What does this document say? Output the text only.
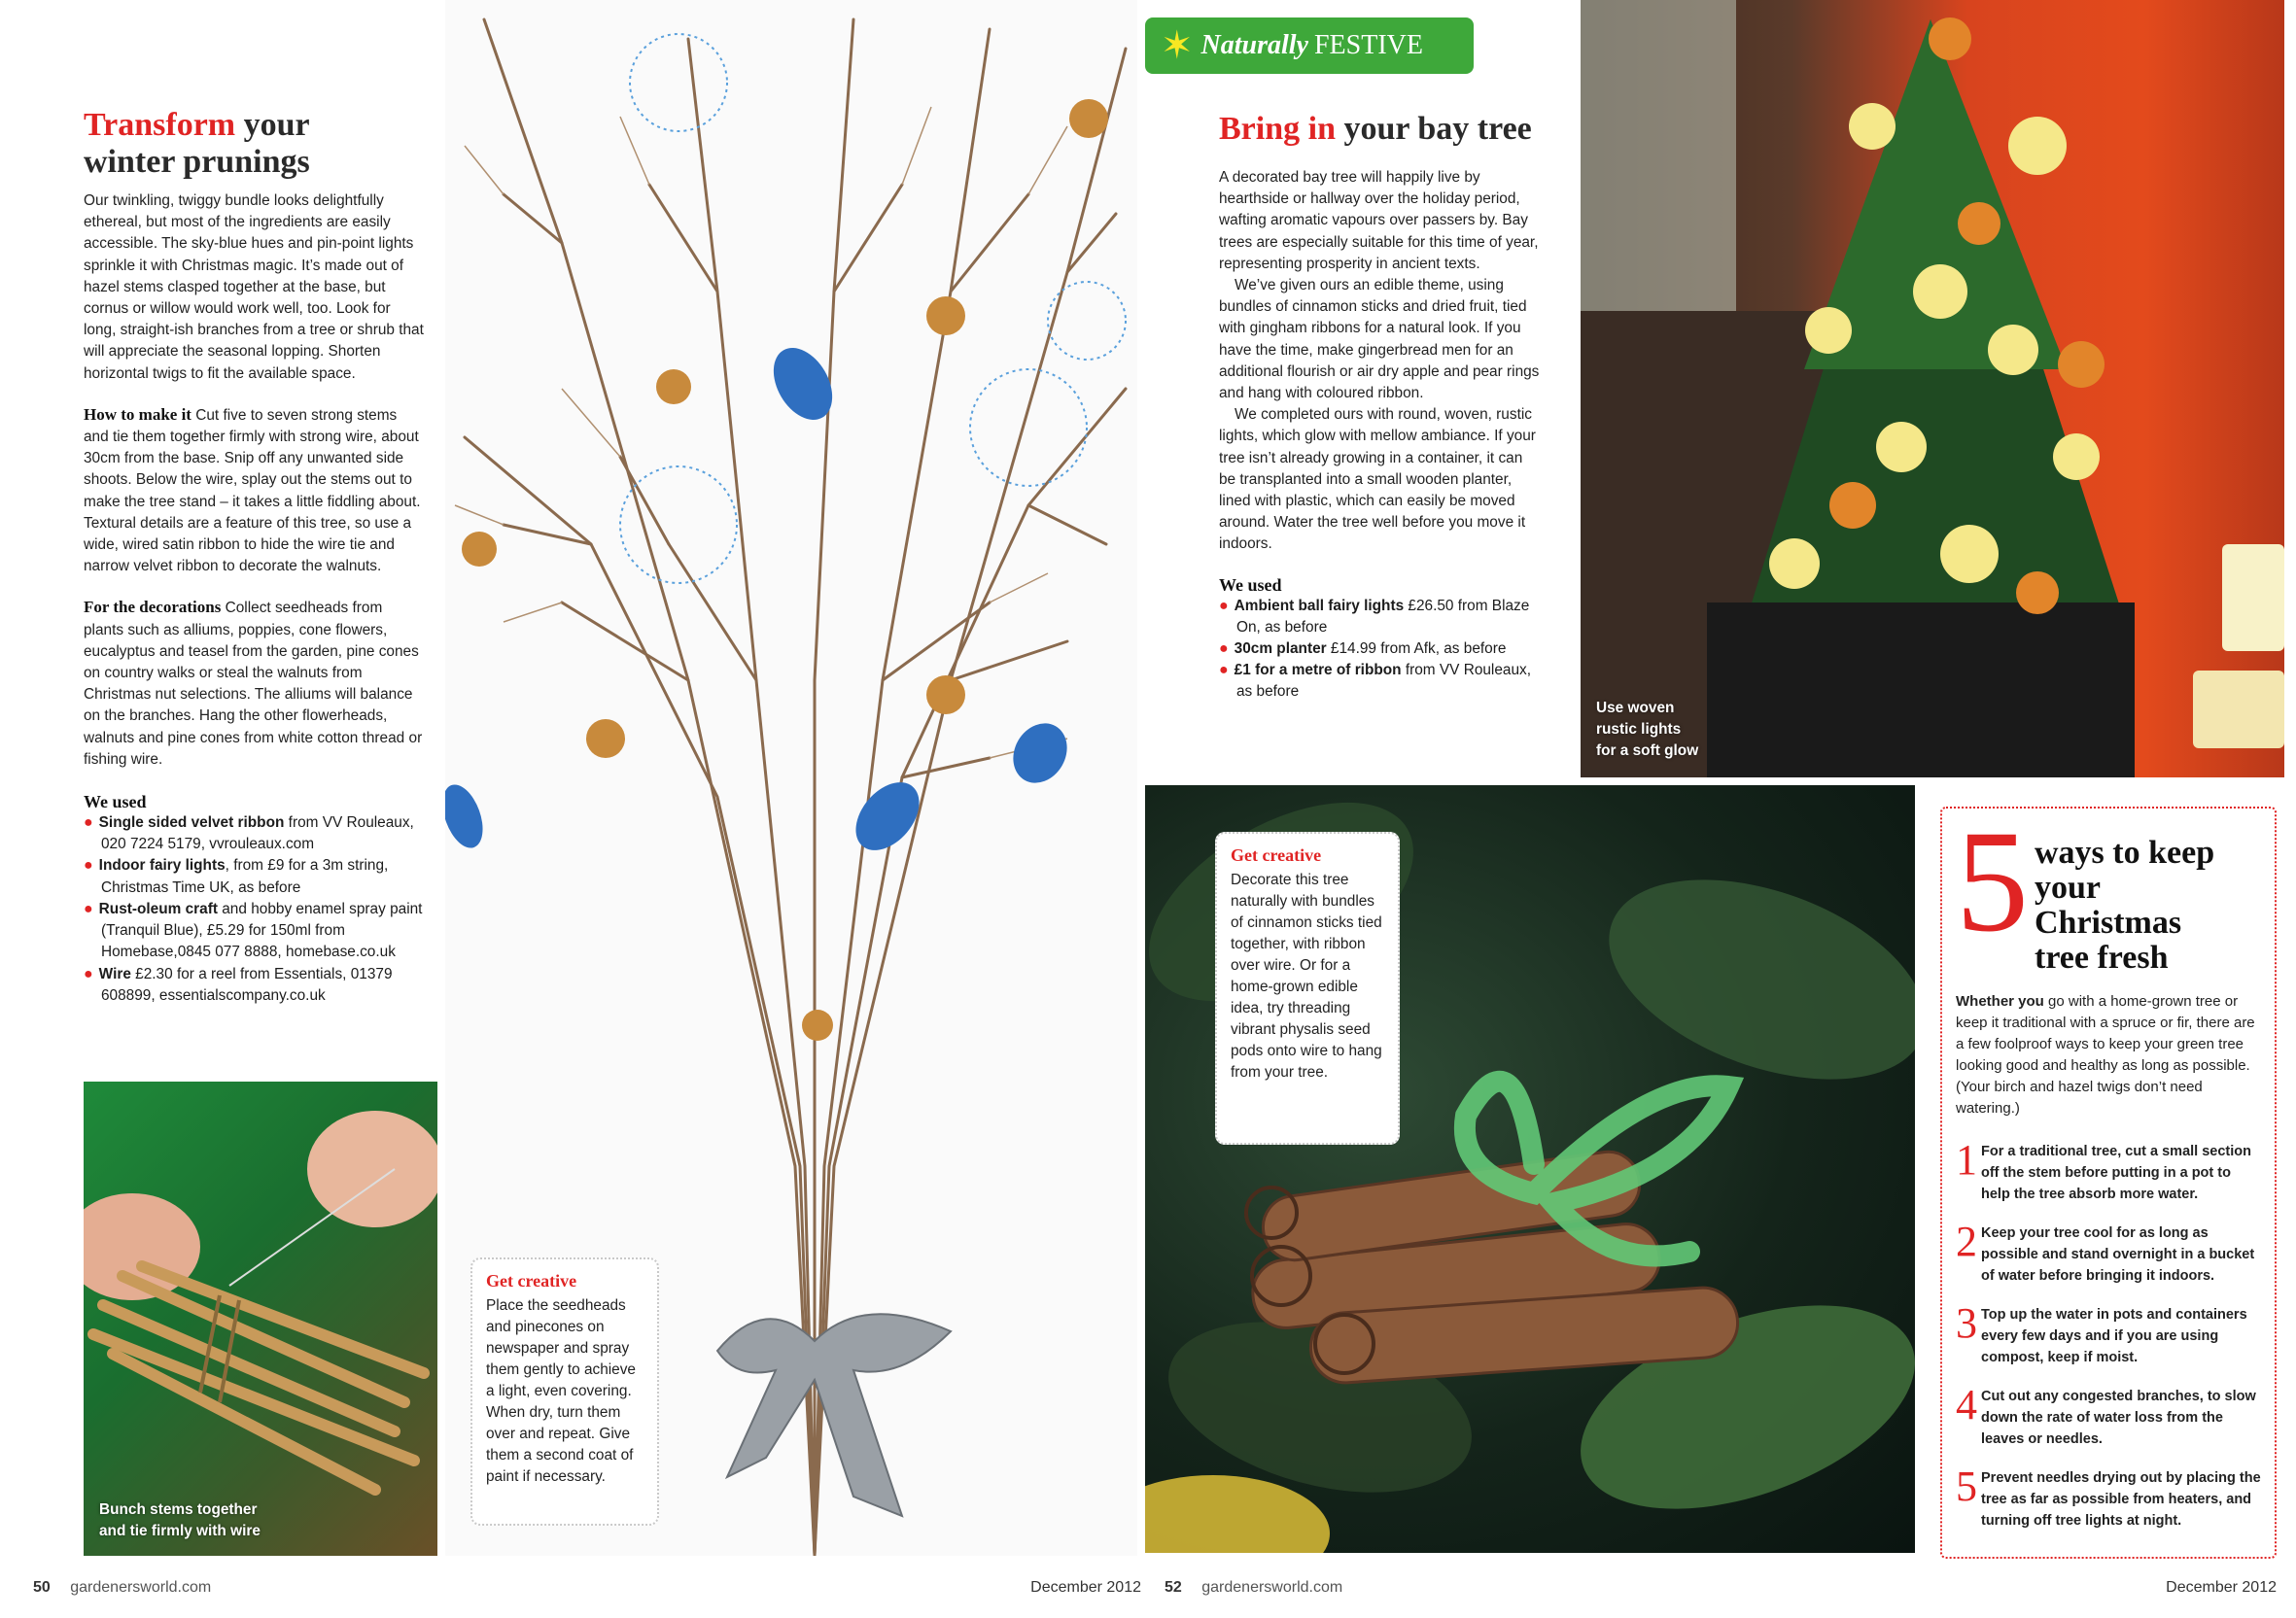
Transform your
winter prunings

Our twinkling, twiggy bundle looks delightfully ethereal, but most of the ingredients are easily accessible. The sky-blue hues and pin-point lights sprinkle it with Christmas magic. It’s made out of hazel stems clasped together at the base, but cornus or willow would work well, too. Look for long, straight-ish branches from a tree or shrub that will appreciate the seasonal lopping. Shorten horizontal twigs to fit the available space.

How to make it Cut five to seven strong stems and tie them together firmly with strong wire, about 30cm from the base. Snip off any unwanted side shoots. Below the wire, splay out the stems out to make the tree stand – it takes a little fiddling about. Textural details are a feature of this tree, so use a wide, wired satin ribbon to hide the wire tie and narrow velvet ribbon to decorate the walnuts.

For the decorations Collect seedheads from plants such as alliums, poppies, cone flowers, eucalyptus and teasel from the garden, pine cones on country walks or steal the walnuts from Christmas nut selections. The alliums will balance on the branches. Hang the other flowerheads, walnuts and pine cones from white cotton thread or fishing wire.

We used
● Single sided velvet ribbon from VV Rouleaux, 020 7224 5179, vvrouleaux.com
● Indoor fairy lights, from £9 for a 3m string, Christmas Time UK, as before
● Rust-oleum craft and hobby enamel spray paint (Tranquil Blue), £5.29 for 150ml from Homebase,0845 077 8888, homebase.co.uk
● Wire £2.30 for a reel from Essentials, 01379 608899, essentialscompany.co.uk
Bunch stems together
and tie firmly with wire
Get creative
Place the seedheads and pinecones on newspaper and spray them gently to achieve a light, even covering. When dry, turn them over and repeat. Give them a second coat of paint if necessary.
✶ Naturally FESTIVE
Bring in your bay tree

A decorated bay tree will happily live by hearthside or hallway over the holiday period, wafting aromatic vapours over passers by. Bay trees are especially suitable for this time of year, representing prosperity in ancient texts.

We’ve given ours an edible theme, using bundles of cinnamon sticks and dried fruit, tied with gingham ribbons for a natural look. If you have the time, make gingerbread men for an additional flourish or air dry apple and pear rings and hang with coloured ribbon.

We completed ours with round, woven, rustic lights, which glow with mellow ambiance. If your tree isn’t already growing in a container, it can be transplanted into a small wooden planter, lined with plastic, which can easily be moved around. Water the tree well before you move it indoors.

We used
● Ambient ball fairy lights £26.50 from Blaze On, as before
● 30cm planter £14.99 from Afk, as before
● £1 for a metre of ribbon from VV Rouleaux, as before
Use woven
rustic lights
for a soft glow
Get creative
Decorate this tree naturally with bundles of cinnamon sticks tied together, with ribbon over wire. Or for a home-grown edible idea, try threading vibrant physalis seed pods onto wire to hang from your tree.
5 ways to keep your Christmas tree fresh

Whether you go with a home-grown tree or keep it traditional with a spruce or fir, there are a few foolproof ways to keep your green tree looking good and healthy as long as possible. (Your birch and hazel twigs don’t need watering.)

1 For a traditional tree, cut a small section off the stem before putting in a pot to help the tree absorb more water.
2 Keep your tree cool for as long as possible and stand overnight in a bucket of water before bringing it indoors.
3 Top up the water in pots and containers every few days and if you are using compost, keep if moist.
4 Cut out any congested branches, to slow down the rate of water loss from the leaves or needles.
5 Prevent needles drying out by placing the tree as far as possible from heaters, and turning off tree lights at night.
50 gardenersworld.com	December 2012 52 gardenersworld.com	December 2012
